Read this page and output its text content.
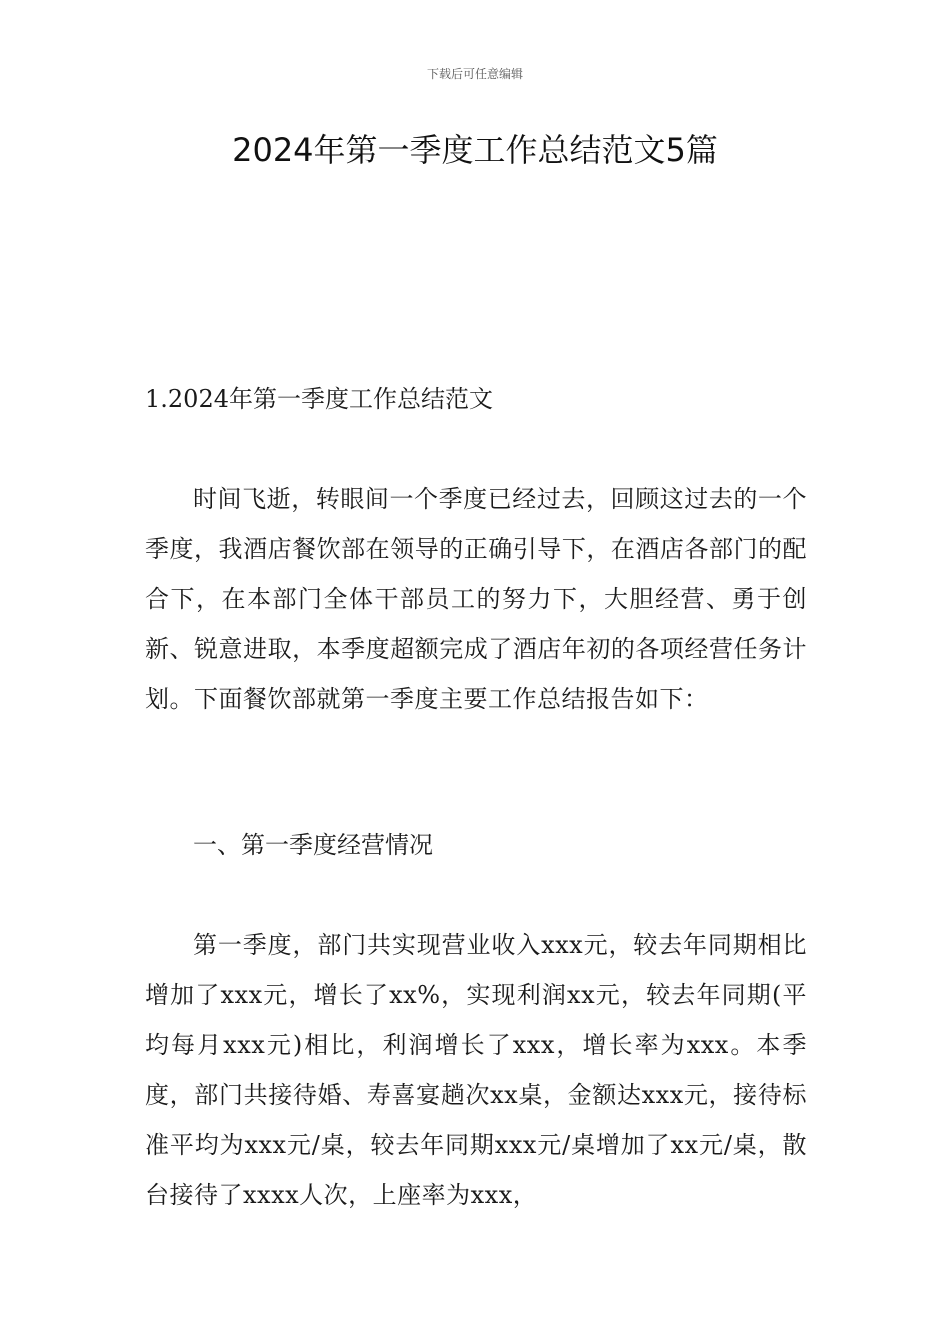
下载后可任意编辑
2024年第一季度工作总结范文5篇
1.2024年第一季度工作总结范文

时间飞逝，转眼间一个季度已经过去，回顾这过去的一个季度，我酒店餐饮部在领导的正确引导下，在酒店各部门的配合下，在本部门全体干部员工的努力下，大胆经营、勇于创新、锐意进取，本季度超额完成了酒店年初的各项经营任务计划。下面餐饮部就第一季度主要工作总结报告如下：

一、第一季度经营情况

第一季度，部门共实现营业收入xxx元，较去年同期相比增加了xxx元，增长了xx%，实现利润xx元，较去年同期(平均每月xxx元)相比，利润增长了xxx，增长率为xxx。本季度，部门共接待婚、寿喜宴趟次xx桌，金额达xxx元，接待标准平均为xxx元/桌，较去年同期xxx元/桌增加了xx元/桌，散台接待了xxxx人次，上座率为xxx，
